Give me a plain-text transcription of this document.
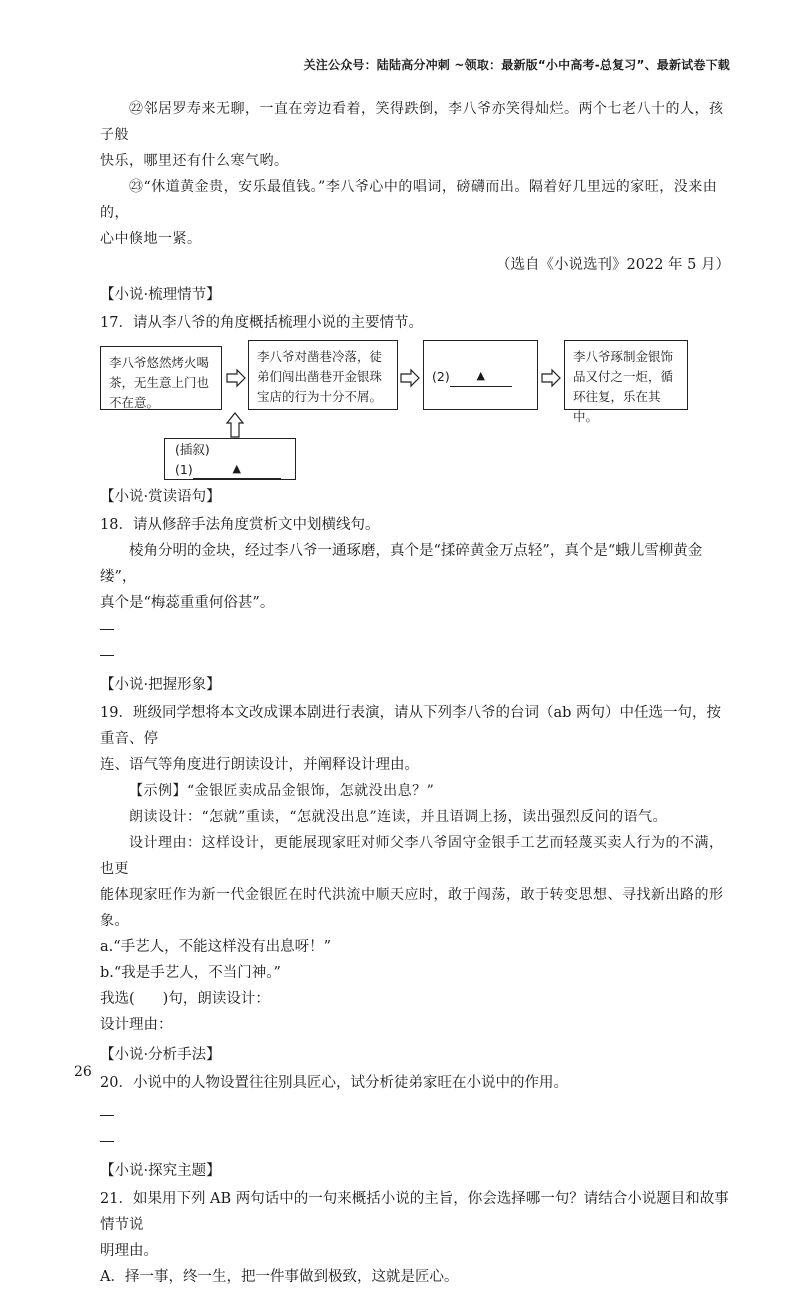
关注公众号：陆陆高分冲刺 ~领取：最新版“小中高考-总复习”、最新试卷下载

㉒邻居罗寿来无聊，一直在旁边看着，笑得跌倒，李八爷亦笑得灿烂。两个七老八十的人，孩子般

快乐，哪里还有什么寒气哟。

㉓“休道黄金贵，安乐最值钱。”李八爷心中的唱词，磅礴而出。隔着好几里远的家旺，没来由的，

心中倏地一紧。

（选自《小说选刊》2022 年 5 月）

【小说·梳理情节】

17．请从李八爷的角度概括梳理小说的主要情节。

李八爷悠然烤火喝茶，无生意上门也不在意。
李八爷对凿巷冷落，徒弟们闯出凿巷开金银珠宝店的行为十分不屑。
(2) ▲
李八爷琢制金银饰品又付之一炬，循环往复，乐在其中。
(插叙)
(1)	▲

【小说·赏读语句】

18．请从修辞手法角度赏析文中划横线句。

棱角分明的金块，经过李八爷一通琢磨，真个是“揉碎黄金万点轻”，真个是“蛾儿雪柳黄金缕”，

真个是“梅蕊重重何俗甚”。

【小说·把握形象】

19．班级同学想将本文改成课本剧进行表演，请从下列李八爷的台词（ab 两句）中任选一句，按重音、停

连、语气等角度进行朗读设计，并阐释设计理由。

【示例】“金银匠卖成品金银饰，怎就没出息？”

朗读设计：“怎就”重读，“怎就没出息”连读，并且语调上扬，读出强烈反问的语气。

设计理由：这样设计，更能展现家旺对师父李八爷固守金银手工艺而轻蔑买卖人行为的不满，也更

能体现家旺作为新一代金银匠在时代洪流中顺天应时，敢于闯荡，敢于转变思想、寻找新出路的形象。

a.“手艺人，不能这样没有出息呀！”

b.“我是手艺人，不当门神。”

我选( )句，朗读设计：

设计理由：

【小说·分析手法】

20．小说中的人物设置往往别具匠心，试分析徒弟家旺在小说中的作用。

【小说·探究主题】

21．如果用下列 AB 两句话中的一句来概括小说的主旨，你会选择哪一句？请结合小说题目和故事情节说

明理由。

A．择一事，终一生，把一件事做到极致，这就是匠心。

26
